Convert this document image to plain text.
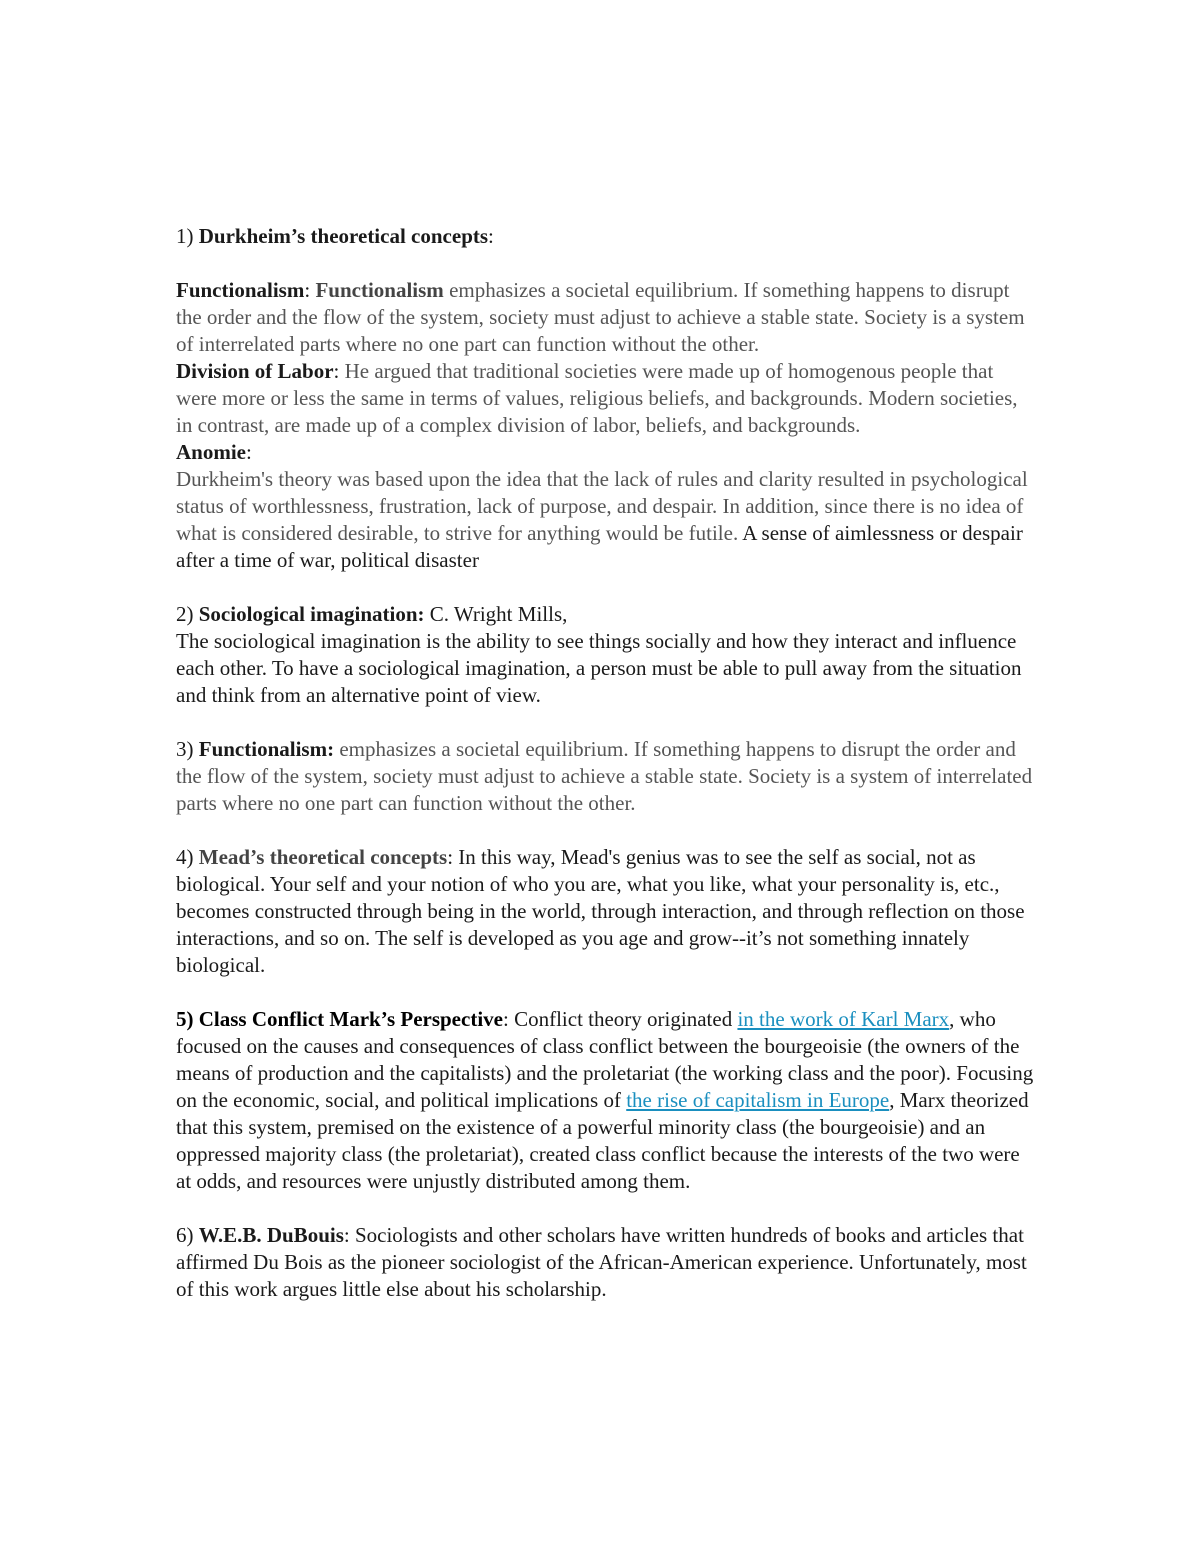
1) Durkheim’s theoretical concepts:

Functionalism: Functionalism emphasizes a societal equilibrium. If something happens to disrupt the order and the flow of the system, society must adjust to achieve a stable state. Society is a system of interrelated parts where no one part can function without the other.

Division of Labor: He argued that traditional societies were made up of homogenous people that were more or less the same in terms of values, religious beliefs, and backgrounds. Modern societies, in contrast, are made up of a complex division of labor, beliefs, and backgrounds.

Anomie:

Durkheim's theory was based upon the idea that the lack of rules and clarity resulted in psychological status of worthlessness, frustration, lack of purpose, and despair. In addition, since there is no idea of what is considered desirable, to strive for anything would be futile. A sense of aimlessness or despair after a time of war, political disaster

2) Sociological imagination: C. Wright Mills,

The sociological imagination is the ability to see things socially and how they interact and influence each other. To have a sociological imagination, a person must be able to pull away from the situation and think from an alternative point of view.

3) Functionalism: emphasizes a societal equilibrium. If something happens to disrupt the order and the flow of the system, society must adjust to achieve a stable state. Society is a system of interrelated parts where no one part can function without the other.

4) Mead’s theoretical concepts: In this way, Mead's genius was to see the self as social, not as biological. Your self and your notion of who you are, what you like, what your personality is, etc., becomes constructed through being in the world, through interaction, and through reflection on those interactions, and so on. The self is developed as you age and grow--it’s not something innately biological.

5) Class Conflict Mark’s Perspective: Conflict theory originated in the work of Karl Marx, who focused on the causes and consequences of class conflict between the bourgeoisie (the owners of the means of production and the capitalists) and the proletariat (the working class and the poor). Focusing on the economic, social, and political implications of the rise of capitalism in Europe, Marx theorized that this system, premised on the existence of a powerful minority class (the bourgeoisie) and an oppressed majority class (the proletariat), created class conflict because the interests of the two were at odds, and resources were unjustly distributed among them.

6) W.E.B. DuBouis: Sociologists and other scholars have written hundreds of books and articles that affirmed Du Bois as the pioneer sociologist of the African-American experience. Unfortunately, most of this work argues little else about his scholarship.
